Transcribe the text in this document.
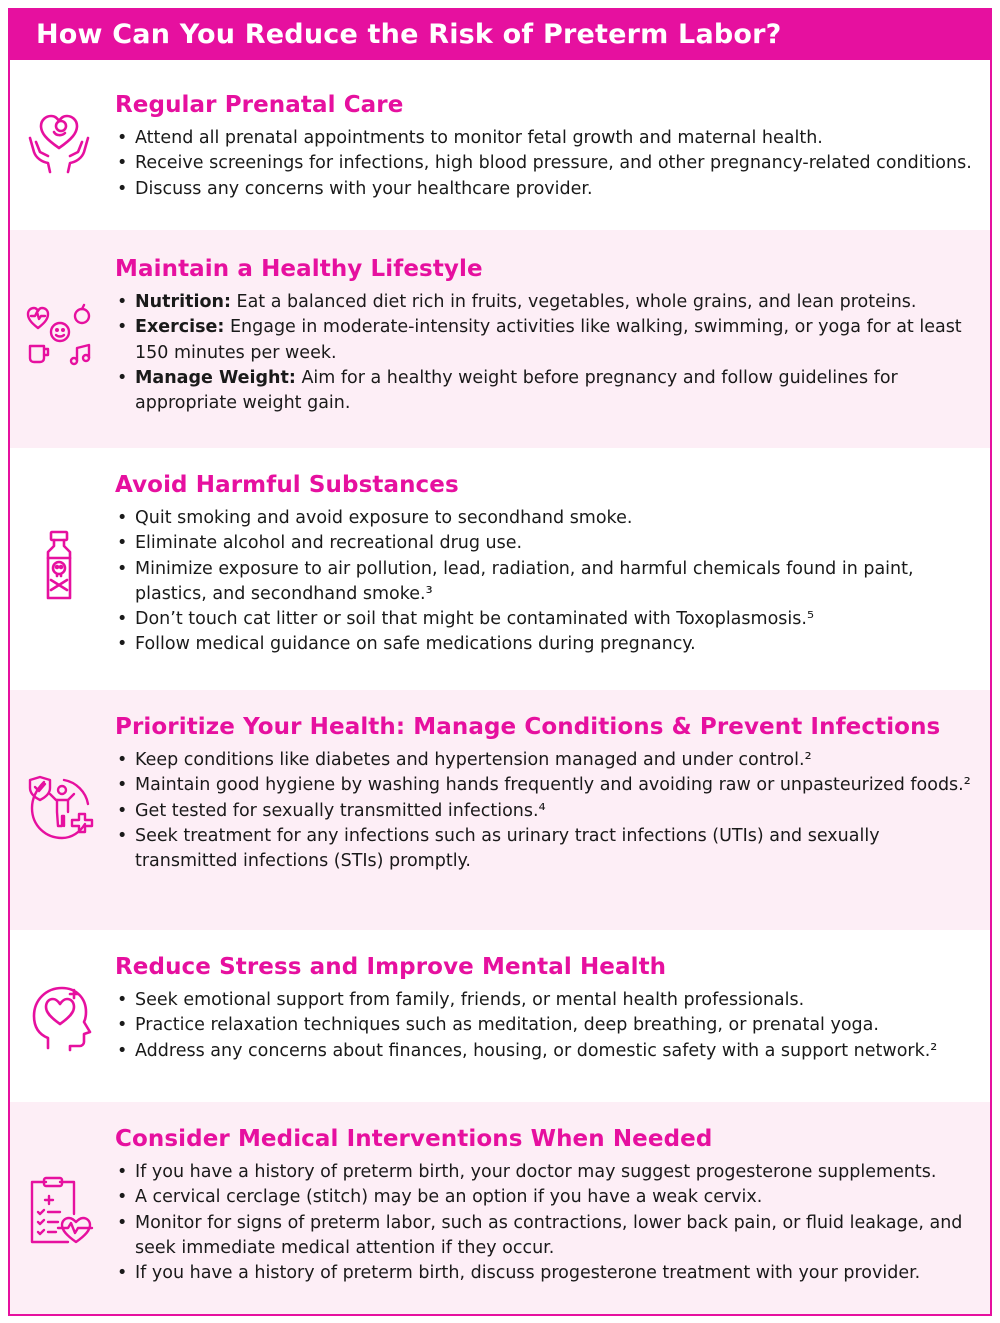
How Can You Reduce the Risk of Preterm Labor?
Regular Prenatal Care
• Attend all prenatal appointments to monitor fetal growth and maternal health.
• Receive screenings for infections, high blood pressure, and other pregnancy-related conditions.
• Discuss any concerns with your healthcare provider.
Maintain a Healthy Lifestyle
• Nutrition: Eat a balanced diet rich in fruits, vegetables, whole grains, and lean proteins.
• Exercise: Engage in moderate-intensity activities like walking, swimming, or yoga for at least 150 minutes per week.
• Manage Weight: Aim for a healthy weight before pregnancy and follow guidelines for appropriate weight gain.
Avoid Harmful Substances
• Quit smoking and avoid exposure to secondhand smoke.
• Eliminate alcohol and recreational drug use.
• Minimize exposure to air pollution, lead, radiation, and harmful chemicals found in paint, plastics, and secondhand smoke.³
• Don’t touch cat litter or soil that might be contaminated with Toxoplasmosis.⁵
• Follow medical guidance on safe medications during pregnancy.
Prioritize Your Health: Manage Conditions & Prevent Infections
• Keep conditions like diabetes and hypertension managed and under control.²
• Maintain good hygiene by washing hands frequently and avoiding raw or unpasteurized foods.²
• Get tested for sexually transmitted infections.⁴
• Seek treatment for any infections such as urinary tract infections (UTIs) and sexually transmitted infections (STIs) promptly.
Reduce Stress and Improve Mental Health
• Seek emotional support from family, friends, or mental health professionals.
• Practice relaxation techniques such as meditation, deep breathing, or prenatal yoga.
• Address any concerns about finances, housing, or domestic safety with a support network.²
Consider Medical Interventions When Needed
• If you have a history of preterm birth, your doctor may suggest progesterone supplements.
• A cervical cerclage (stitch) may be an option if you have a weak cervix.
• Monitor for signs of preterm labor, such as contractions, lower back pain, or fluid leakage, and seek immediate medical attention if they occur.
• If you have a history of preterm birth, discuss progesterone treatment with your provider.
